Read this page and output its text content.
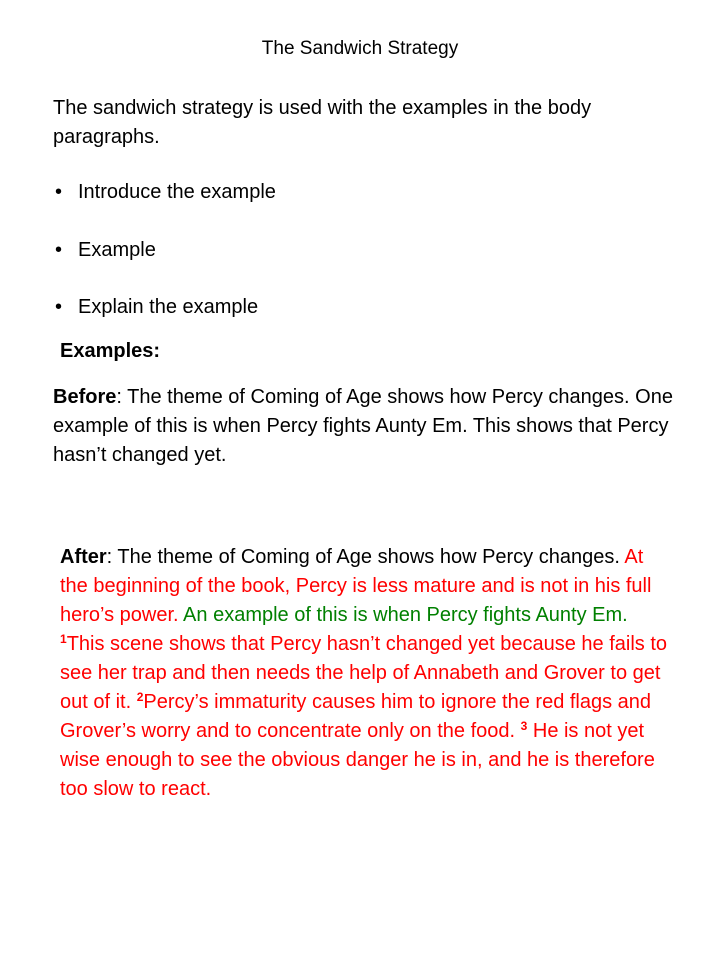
The Sandwich Strategy
The sandwich strategy is used with the examples in the body paragraphs.
• Introduce the example
• Example
• Explain the example
Examples:
Before: The theme of Coming of Age shows how Percy changes. One example of this is when Percy fights Aunty Em. This shows that Percy hasn’t changed yet.
After: The theme of Coming of Age shows how Percy changes. At the beginning of the book, Percy is less mature and is not in his full hero’s power. An example of this is when Percy fights Aunty Em. $^1$This scene shows that Percy hasn’t changed yet because he fails to see her trap and then needs the help of Annabeth and Grover to get out of it. $^2$Percy’s immaturity causes him to ignore the red flags and Grover’s worry and to concentrate only on the food. $^3$ He is not yet wise enough to see the obvious danger he is in, and he is therefore too slow to react.
